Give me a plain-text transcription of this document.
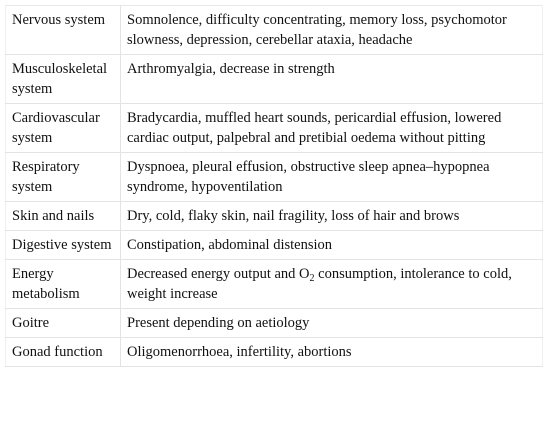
Nervous system	Somnolence, difficulty concentrating, memory loss, psychomotor slowness, depression, cerebellar ataxia, headache
Musculoskeletal system	Arthromyalgia, decrease in strength
Cardiovascular system	Bradycardia, muffled heart sounds, pericardial effusion, lowered cardiac output, palpebral and pretibial oedema without pitting
Respiratory system	Dyspnoea, pleural effusion, obstructive sleep apnea–hypopnea syndrome, hypoventilation
Skin and nails	Dry, cold, flaky skin, nail fragility, loss of hair and brows
Digestive system	Constipation, abdominal distension
Energy metabolism	Decreased energy output and $O_2$ consumption, intolerance to cold, weight increase
Goitre	Present depending on aetiology
Gonad function	Oligomenorrhoea, infertility, abortions
